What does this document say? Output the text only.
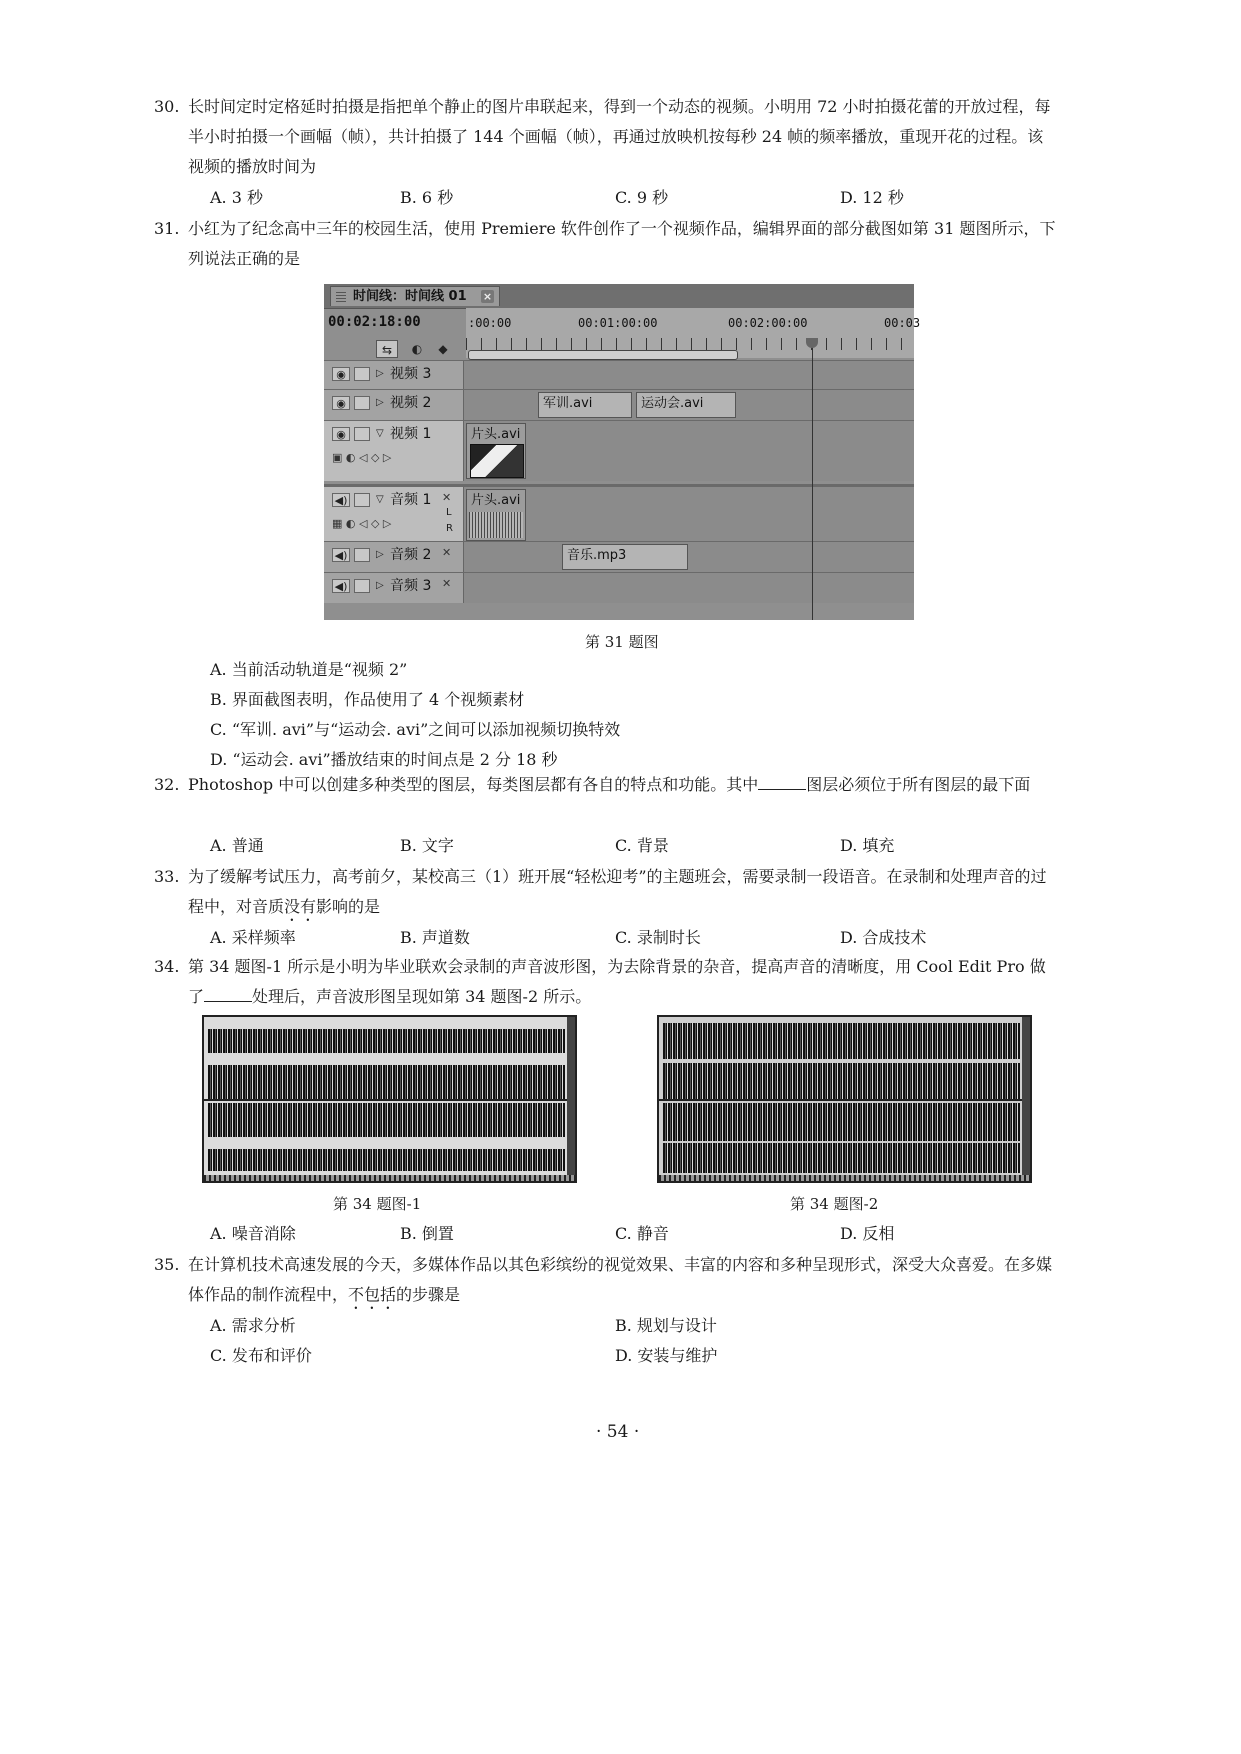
30. 长时间定时定格延时拍摄是指把单个静止的图片串联起来，得到一个动态的视频。小明用 72 小时拍摄花蕾的开放过程，每半小时拍摄一个画幅（帧），共计拍摄了 144 个画幅（帧），再通过放映机按每秒 24 帧的频率播放，重现开花的过程。该视频的播放时间为
A. 3 秒	B. 6 秒	C. 9 秒	D. 12 秒
31. 小红为了纪念高中三年的校园生活，使用 Premiere 软件创作了一个视频作品，编辑界面的部分截图如第 31 题图所示，下列说法正确的是
时间线：时间线 01 ×
00:02:18:00
⇆	◐	◆
:00:00	00:01:00:00	00:02:00:00	00:03
◉	▷ 视频 3
◉	▷ 视频 2	军训.avi	运动会.avi
◉	▽ 视频 1
▣ ◐ ◁ ◇ ▷
片头.avi
◀)	▽ 音频 1 ✕
▦ ◐ ◁ ◇ ▷
L
R
片头.avi
◀)	▷ 音频 2 ✕	音乐.mp3
◀)	▷ 音频 3 ✕
第 31 题图
A. 当前活动轨道是“视频 2”
B. 界面截图表明，作品使用了 4 个视频素材
C. “军训. avi”与“运动会. avi”之间可以添加视频切换特效
D. “运动会. avi”播放结束的时间点是 2 分 18 秒
32. Photoshop 中可以创建多种类型的图层，每类图层都有各自的特点和功能。其中	图层必须位于所有图层的最下面
A. 普通	B. 文字	C. 背景	D. 填充
33. 为了缓解考试压力，高考前夕，某校高三（1）班开展“轻松迎考”的主题班会，需要录制一段语音。在录制和处理声音的过程中，对音质没有影响的是
A. 采样频率	B. 声道数	C. 录制时长	D. 合成技术
34. 第 34 题图-1 所示是小明为毕业联欢会录制的声音波形图，为去除背景的杂音，提高声音的清晰度，用 Cool Edit Pro 做了	处理后，声音波形图呈现如第 34 题图-2 所示。
第 34 题图-1	第 34 题图-2
A. 噪音消除	B. 倒置	C. 静音	D. 反相
35. 在计算机技术高速发展的今天，多媒体作品以其色彩缤纷的视觉效果、丰富的内容和多种呈现形式，深受大众喜爱。在多媒体作品的制作流程中，不包括的步骤是
A. 需求分析	B. 规划与设计
C. 发布和评价	D. 安装与维护
· 54 ·
